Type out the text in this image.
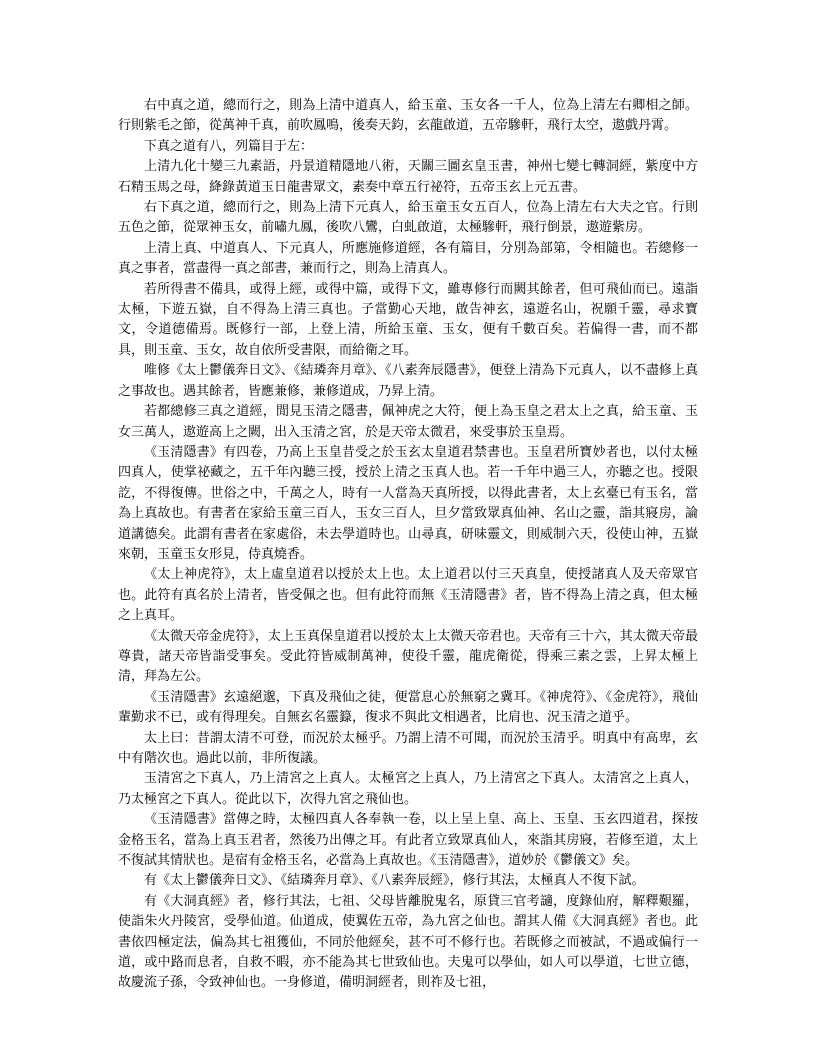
右中真之道，總而行之，則為上清中道真人，給玉童、玉女各一千人，位為上清左右卿相之師。行則紫毛之節，從萬神千真，前吹鳳鳴，後奏天鈞，玄龍啟道，五帝驂軒，飛行太空，遨戲丹霄。

下真之道有八，列篇目于左：

上清九化十變三九素語，丹景道精隱地八術，天關三圖玄皇玉書，神州七變七轉洞經，紫度中方石精玉馬之母，絳錄黃道玉日龍書眾文，素奏中章五行祕符，五帝玉玄上元五書。

右下真之道，總而行之，則為上清下元真人，給玉童玉女五百人，位為上清左右大夫之官。行則五色之節，從眾神玉女，前嘯九鳳，後吹八鸞，白虬啟道，太極驂軒，飛行倒景，遨遊紫房。

上清上真、中道真人、下元真人，所應施修道經，各有篇目，分別為部第，令相隨也。若總修一真之事者，當盡得一真之部書，兼而行之，則為上清真人。

若所得書不備具，或得上經，或得中篇，或得下文，雖專修行而闕其餘者，但可飛仙而已。遠詣太極，下遊五嶽，自不得為上清三真也。子當勤心天地，啟告神玄，遠遊名山，祝願千靈，尋求寶文，令道德備焉。既修行一部，上登上清，所給玉童、玉女，便有千數百矣。若偏得一書，而不都具，則玉童、玉女，故自依所受書限，而給衛之耳。

唯修《太上鬱儀奔日文》、《結璘奔月章》、《八素奔辰隱書》，便登上清為下元真人，以不盡修上真之事故也。遇其餘者，皆應兼修，兼修道成，乃昇上清。

若都總修三真之道經，閒見玉清之隱書，佩神虎之大符，便上為玉皇之君太上之真，給玉童、玉女三萬人，遨遊高上之闕，出入玉清之宮，於是天帝太微君，來受事於玉皇焉。

《玉清隱書》有四卷，乃高上玉皇昔受之於玉玄太皇道君禁書也。玉皇君所寶妙者也，以付太極四真人，使掌祕藏之，五千年內聽三授，授於上清之玉真人也。若一千年中過三人，亦聽之也。授限訖，不得復傳。世俗之中，千萬之人，時有一人當為天真所授，以得此書者，太上玄臺已有玉名，當為上真故也。有書者在家給玉童三百人，玉女三百人，旦夕當致眾真仙神、名山之靈，詣其寢房，論道講德矣。此謂有書者在家處俗，未去學道時也。山尋真，研味靈文，則威制六天，役使山神，五嶽來朝，玉童玉女形見，侍真燒香。

《太上神虎符》，太上虛皇道君以授於太上也。太上道君以付三天真皇，使授諸真人及天帝眾官也。此符有真名於上清者，皆受佩之也。但有此符而無《玉清隱書》者，皆不得為上清之真，但太極之上真耳。

《太微天帝金虎符》，太上玉真保皇道君以授於太上太微天帝君也。天帝有三十六，其太微天帝最尊貴，諸天帝皆詣受事矣。受此符皆威制萬神，使役千靈，龍虎衛從，得乘三素之雲，上昇太極上清，拜為左公。

《玉清隱書》玄遠絕邈，下真及飛仙之徒，便當息心於無窮之冀耳。《神虎符》、《金虎符》，飛仙輩勤求不已，或有得理矣。自無玄名靈籙，復求不與此文相遇者，比肩也、況玉清之道乎。

太上曰：昔謂太清不可登，而況於太極乎。乃謂上清不可聞，而況於玉清乎。明真中有高卑，玄中有階次也。過此以前，非所復議。

玉清宮之下真人，乃上清宮之上真人。太極宮之上真人，乃上清宮之下真人。太清宮之上真人，乃太極宮之下真人。從此以下，次得九宮之飛仙也。

《玉清隱書》當傳之時，太極四真人各奉執一卷，以上呈上皇、高上、玉皇、玉玄四道君，探按金格玉名，當為上真玉君者，然後乃出傳之耳。有此者立致眾真仙人，來詣其房寢，若修至道，太上不復試其情狀也。是宿有金格玉名，必當為上真故也。《玉清隱書》，道妙於《鬱儀文》矣。

有《太上鬱儀奔日文》、《結璘奔月章》、《八素奔辰經》，修行其法，太極真人不復下試。

有《大洞真經》者，修行其法，七祖、父母皆離脫鬼名，原貸三官考讁，度錄仙府，解釋艱羅，使詣朱火丹陵宮，受學仙道。仙道成，使翼佐五帝，為九宮之仙也。謂其人備《大洞真經》者也。此書依四極定法，偏為其七祖獲仙，不同於他經矣，甚不可不修行也。若既修之而被試，不過或偏行一道，或中路而息者，自救不暇，亦不能為其七世致仙也。夫鬼可以學仙，如人可以學道，七世立德，故慶流子孫，令致神仙也。一身修道，備明洞經者，則祚及七祖，
